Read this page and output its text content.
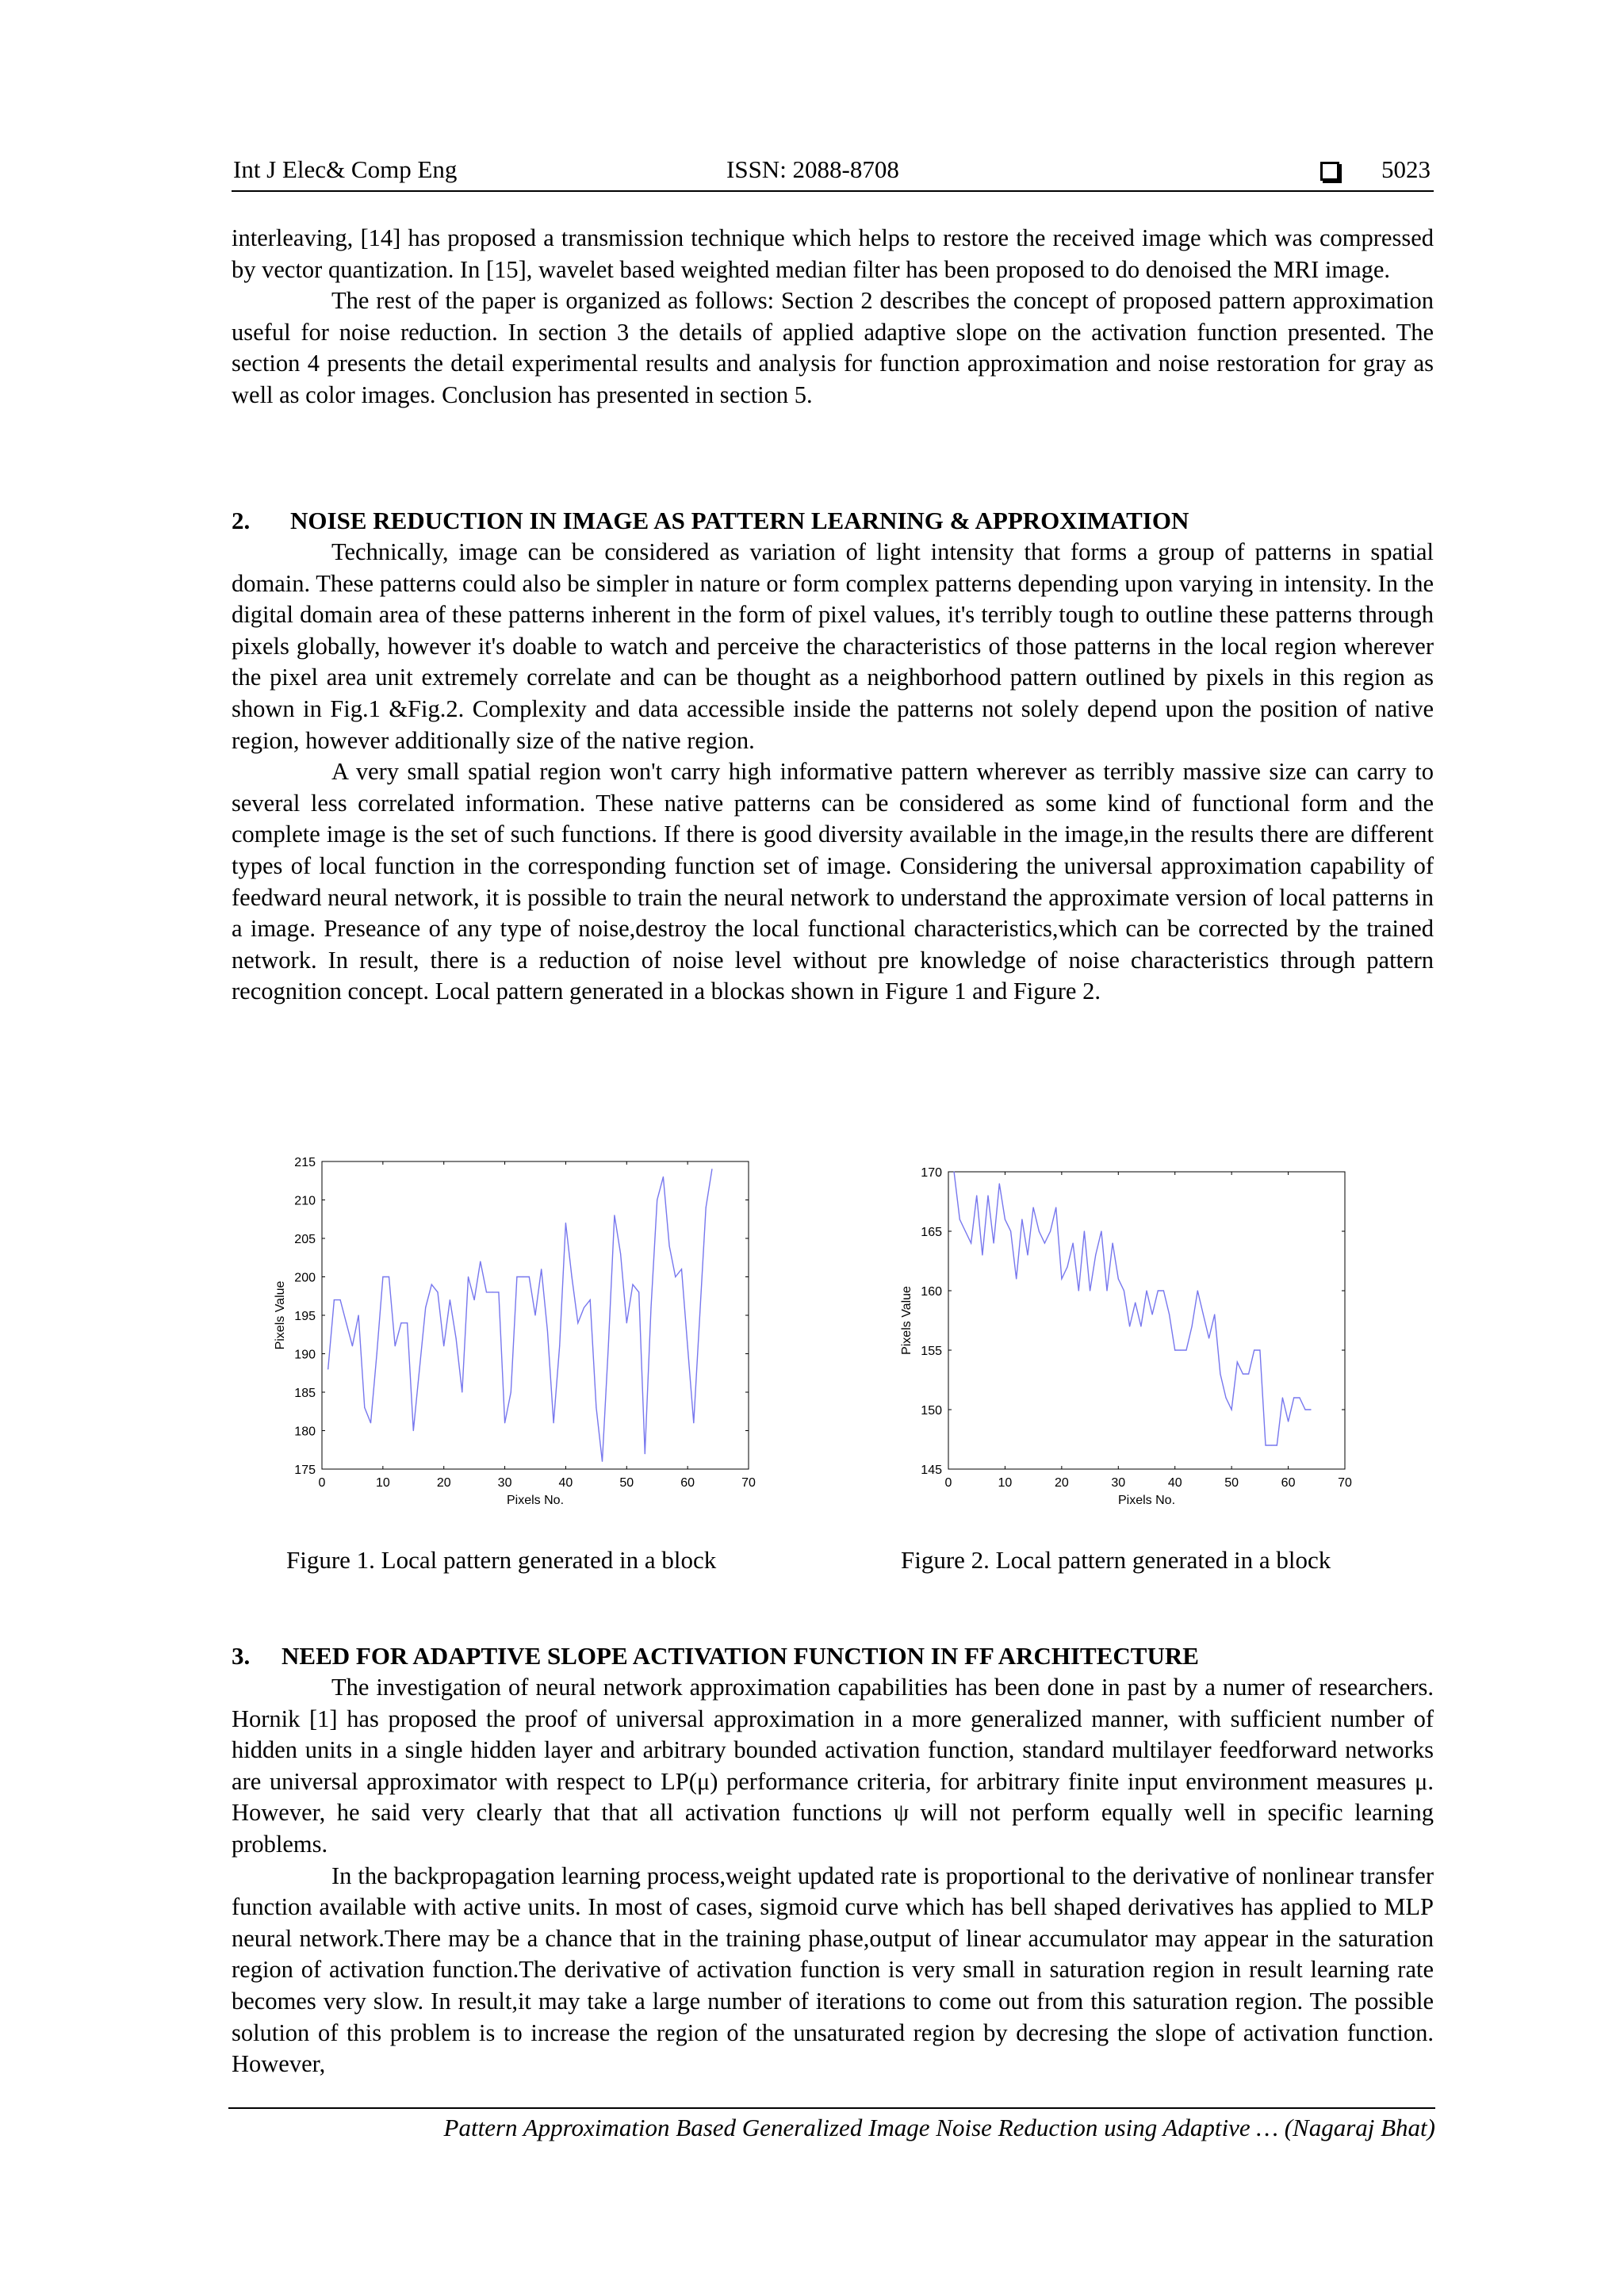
Int J Elec& Comp Eng	ISSN: 2088-8708	5023

interleaving, [14] has proposed a transmission technique which helps to restore the received image which was compressed by vector quantization. In [15], wavelet based weighted median filter has been proposed to do denoised the MRI image.

The rest of the paper is organized as follows: Section 2 describes the concept of proposed pattern approximation useful for noise reduction. In section 3 the details of applied adaptive slope on the activation function presented. The section 4 presents the detail experimental results and analysis for function approximation and noise restoration for gray as well as color images. Conclusion has presented in section 5.

2. NOISE REDUCTION IN IMAGE AS PATTERN LEARNING & APPROXIMATION

Technically, image can be considered as variation of light intensity that forms a group of patterns in spatial domain. These patterns could also be simpler in nature or form complex patterns depending upon varying in intensity. In the digital domain area of these patterns inherent in the form of pixel values, it's terribly tough to outline these patterns through pixels globally, however it's doable to watch and perceive the characteristics of those patterns in the local region wherever the pixel area unit extremely correlate and can be thought as a neighborhood pattern outlined by pixels in this region as shown in Fig.1 &Fig.2. Complexity and data accessible inside the patterns not solely depend upon the position of native region, however additionally size of the native region.

A very small spatial region won't carry high informative pattern wherever as terribly massive size can carry to several less correlated information. These native patterns can be considered as some kind of functional form and the complete image is the set of such functions. If there is good diversity available in the image,in the results there are different types of local function in the corresponding function set of image. Considering the universal approximation capability of feedward neural network, it is possible to train the neural network to understand the approximate version of local patterns in a image. Preseance of any type of noise,destroy the local functional characteristics,which can be corrected by the trained network. In result, there is a reduction of noise level without pre knowledge of noise characteristics through pattern recognition concept. Local pattern generated in a blockas shown in Figure 1 and Figure 2.

0	10	20	30	40	50	60	70
175
180
185
190
195
200
205
210
215
Pixels No.
Pixels Value
Figure 1. Local pattern generated in a block
0	10	20	30	40	50	60	70
145
150
155
160
165
170
Pixels No.
Pixels Value
Figure 2. Local pattern generated in a block
3. NEED FOR ADAPTIVE SLOPE ACTIVATION FUNCTION IN FF ARCHITECTURE

The investigation of neural network approximation capabilities has been done in past by a numer of researchers. Hornik [1] has proposed the proof of universal approximation in a more generalized manner, with sufficient number of hidden units in a single hidden layer and arbitrary bounded activation function, standard multilayer feedforward networks are universal approximator with respect to LP(μ) performance criteria, for arbitrary finite input environment measures μ. However, he said very clearly that that all activation functions ψ will not perform equally well in specific learning problems.

In the backpropagation learning process,weight updated rate is proportional to the derivative of nonlinear transfer function available with active units. In most of cases, sigmoid curve which has bell shaped derivatives has applied to MLP neural network.There may be a chance that in the training phase,output of linear accumulator may appear in the saturation region of activation function.The derivative of activation function is very small in saturation region in result learning rate becomes very slow. In result,it may take a large number of iterations to come out from this saturation region. The possible solution of this problem is to increase the region of the unsaturated region by decresing the slope of activation function. However,

Pattern Approximation Based Generalized Image Noise Reduction using Adaptive … (Nagaraj Bhat)
